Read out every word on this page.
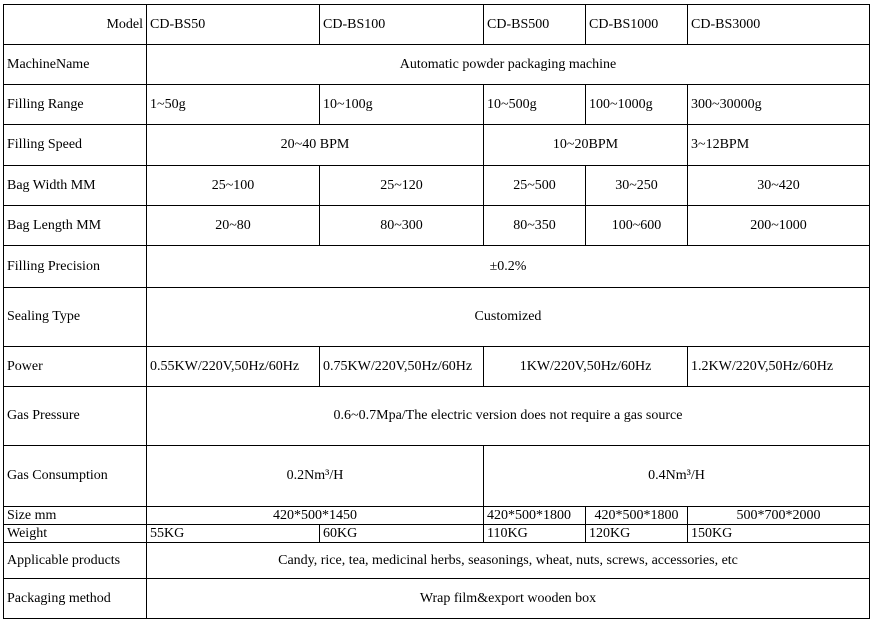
Model	CD-BS50	CD-BS100	CD-BS500	CD-BS1000	CD-BS3000
MachineName	Automatic powder packaging machine				
Filling Range	1~50g	10~100g	10~500g	100~1000g	300~30000g
Filling Speed	20~40 BPM		10~20BPM		3~12BPM
Bag Width MM	25~100	25~120	25~500	30~250	30~420
Bag Length MM	20~80	80~300	80~350	100~600	200~1000
Filling Precision	±0.2%				
Sealing Type	Customized				
Power	0.55KW/220V,50Hz/60Hz	0.75KW/220V,50Hz/60Hz	1KW/220V,50Hz/60Hz		1.2KW/220V,50Hz/60Hz
Gas Pressure	0.6~0.7Mpa/The electric version does not require a gas source				
Gas Consumption	0.2Nm³/H		0.4Nm³/H		
Size mm	420*500*1450		420*500*1800	420*500*1800	500*700*2000
Weight	55KG	60KG	110KG	120KG	150KG
Applicable products	Candy, rice, tea, medicinal herbs, seasonings, wheat, nuts, screws, accessories, etc				
Packaging method	Wrap film&export wooden box				
